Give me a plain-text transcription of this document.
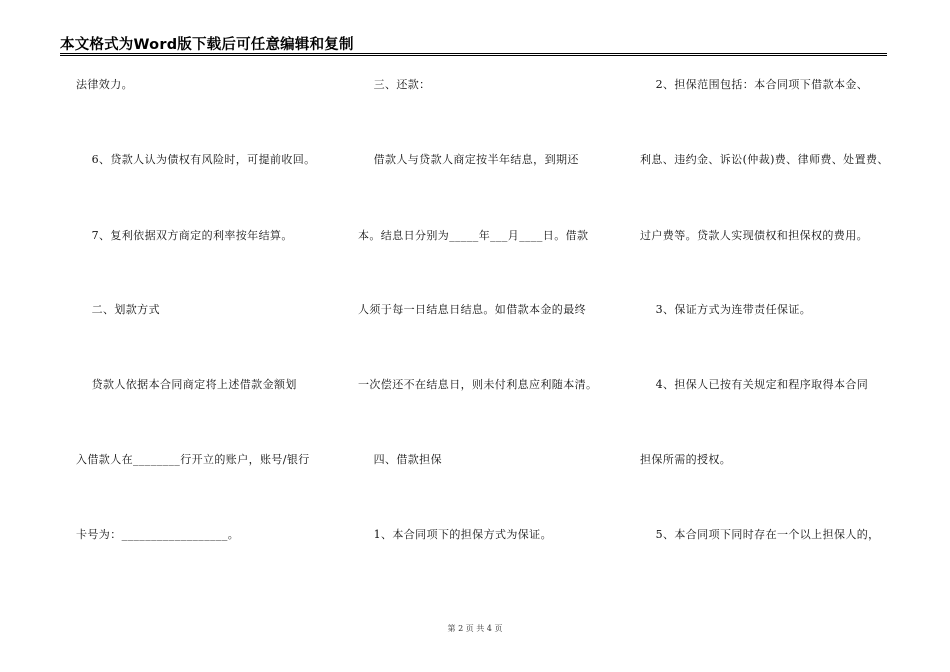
本文格式为Word版下载后可任意编辑和复制
法律效力。
6、贷款人认为债权有风险时，可提前收回。
7、复利依据双方商定的利率按年结算。
二、划款方式
贷款人依据本合同商定将上述借款金额划
入借款人在________行开立的账户，账号/银行
卡号为：__________________。
三、还款：
借款人与贷款人商定按半年结息，到期还
本。结息日分别为_____年___月____日。借款
人须于每一日结息日结息。如借款本金的最终
一次偿还不在结息日，则未付利息应利随本清。
四、借款担保
1、本合同项下的担保方式为保证。
2、担保范围包括：本合同项下借款本金、
利息、违约金、诉讼(仲裁)费、律师费、处置费、
过户费等。贷款人实现债权和担保权的费用。
3、保证方式为连带责任保证。
4、担保人已按有关规定和程序取得本合同
担保所需的授权。
5、本合同项下同时存在一个以上担保人的，
第 2 页 共 4 页
